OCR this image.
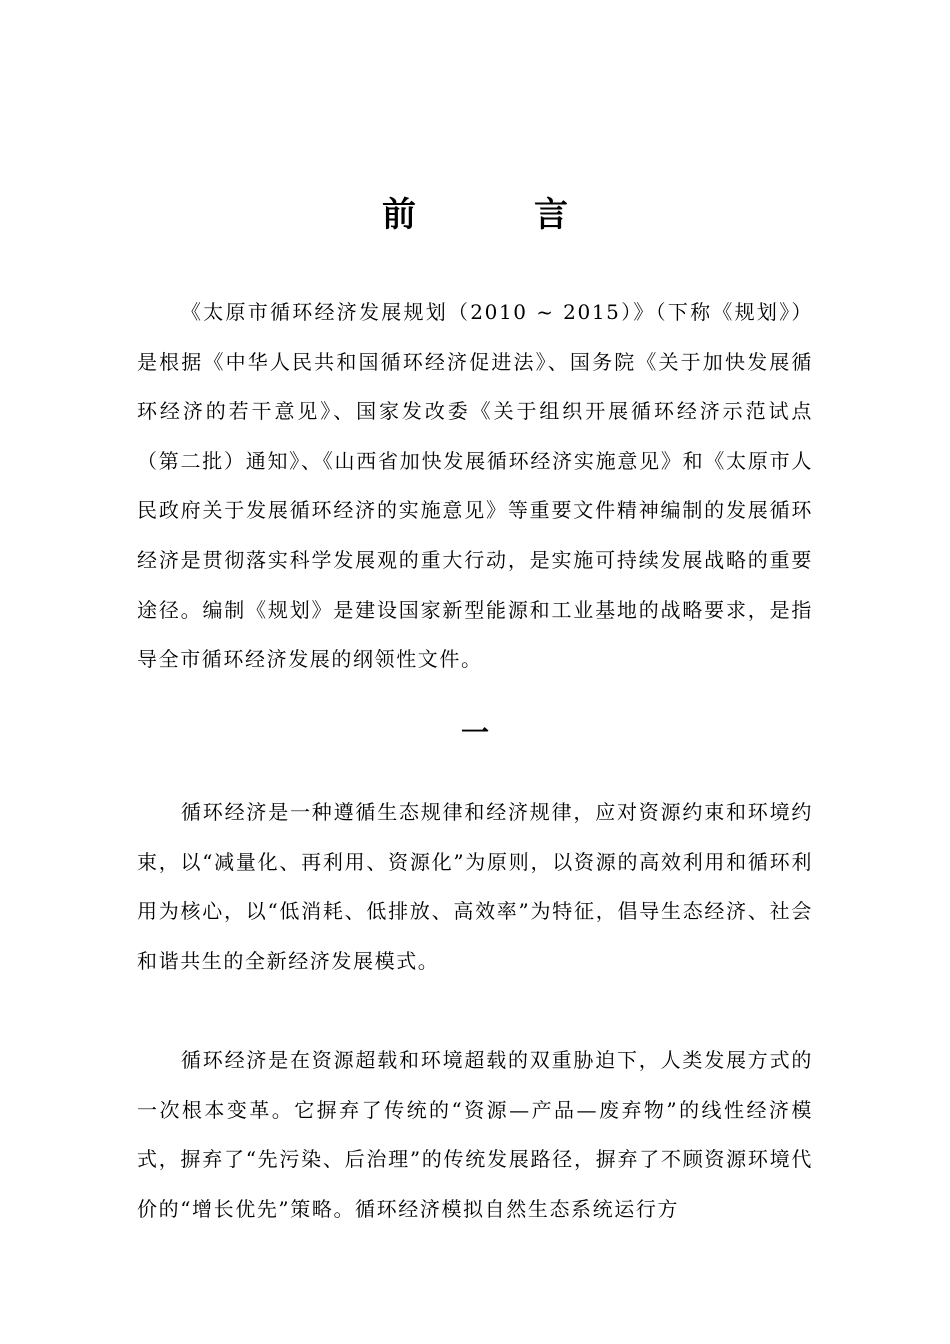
前　言

《太原市循环经济发展规划（2010 ~ 2015）》（下称《规划》）是根据《中华人民共和国循环经济促进法》、国务院《关于加快发展循环经济的若干意见》、国家发改委《关于组织开展循环经济示范试点（第二批）通知》、《山西省加快发展循环经济实施意见》和《太原市人民政府关于发展循环经济的实施意见》等重要文件精神编制的发展循环经济是贯彻落实科学发展观的重大行动，是实施可持续发展战略的重要途径。编制《规划》是建设国家新型能源和工业基地的战略要求，是指导全市循环经济发展的纲领性文件。

一

循环经济是一种遵循生态规律和经济规律，应对资源约束和环境约束，以“减量化、再利用、资源化”为原则，以资源的高效利用和循环利用为核心，以“低消耗、低排放、高效率”为特征，倡导生态经济、社会和谐共生的全新经济发展模式。

循环经济是在资源超载和环境超载的双重胁迫下，人类发展方式的一次根本变革。它摒弃了传统的“资源—产品—废弃物”的线性经济模式，摒弃了“先污染、后治理”的传统发展路径，摒弃了不顾资源环境代价的“增长优先”策略。循环经济模拟自然生态系统运行方
